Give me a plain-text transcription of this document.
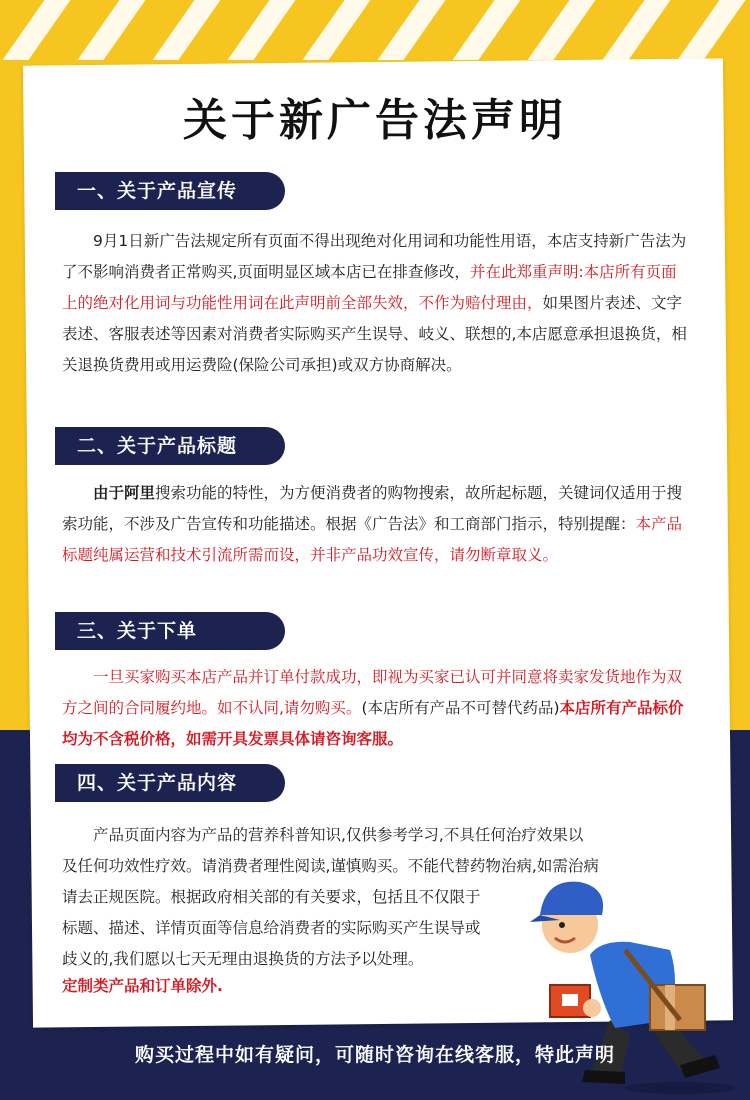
关于新广告法声明
一、关于产品宣传
9月1日新广告法规定所有页面不得出现绝对化用词和功能性用语，本店支持新广告法为了不影响消费者正常购买,页面明显区域本店已在排查修改，并在此郑重声明:本店所有页面上的绝对化用词与功能性用词在此声明前全部失效，不作为赔付理由，如果图片表述、文字表述、客服表述等因素对消费者实际购买产生误导、岐义、联想的,本店愿意承担退换货，相关退换货费用或用运费险(保险公司承担)或双方协商解决。
二、关于产品标题
由于阿里搜索功能的特性，为方便消费者的购物搜索，故所起标题，关键词仅适用于搜索功能，不涉及广告宣传和功能描述。根据《广告法》和工商部门指示，特别提醒：本产品标题纯属运营和技术引流所需而设，并非产品功效宣传，请勿断章取义。
三、关于下单
一旦买家购买本店产品并订单付款成功，即视为买家已认可并同意将卖家发货地作为双方之间的合同履约地。如不认同,请勿购买。(本店所有产品不可替代药品)本店所有产品标价均为不含税价格，如需开具发票具体请咨询客服。
四、关于产品内容
产品页面内容为产品的营养科普知识,仅供参考学习,不具任何治疗效果以
及任何功效性疗效。请消费者理性阅读,谨慎购买。不能代替药物治病,如需治病
请去正规医院。根据政府相关部的有关要求，包括且不仅限于
标题、描述、详情页面等信息给消费者的实际购买产生误导或
歧义的,我们愿以七天无理由退换货的方法予以处理。
定制类产品和订单除外.
购买过程中如有疑问，可随时咨询在线客服，特此声明
